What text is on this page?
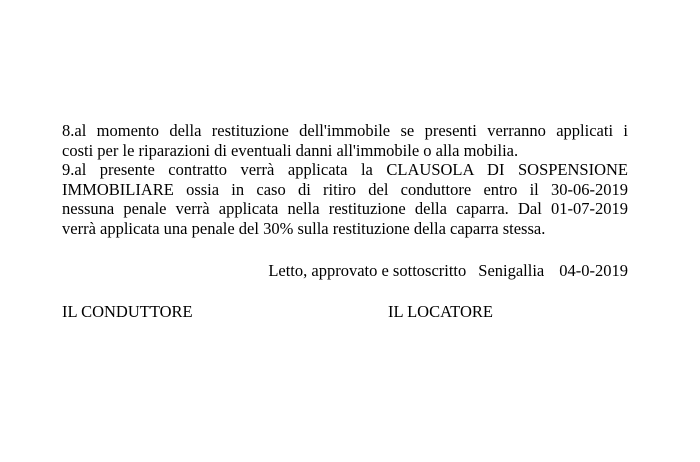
8.al momento della restituzione dell'immobile se presenti verranno applicati i
costi per le riparazioni di eventuali danni all'immobile o alla mobilia.
9.al presente contratto verrà applicata la CLAUSOLA DI SOSPENSIONE
IMMOBILIARE ossia in caso di ritiro del conduttore entro il 30-06-2019
nessuna penale verrà applicata nella restituzione della caparra. Dal 01-07-2019
verrà applicata una penale del 30% sulla restituzione della caparra stessa.
Letto, approvato e sottoscritto Senigallia 04-0-2019
IL CONDUTTORE	IL LOCATORE
